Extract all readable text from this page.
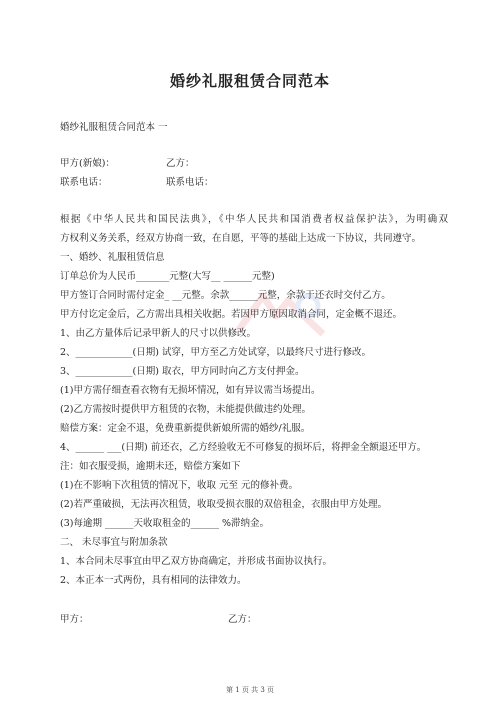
婚纱礼服租赁合同范本
婚纱礼服租赁合同范本 一
甲方(新娘)：	乙方：
联系电话：	联系电话：
根据《中华人民共和国民法典》，《中华人民共和国消费者权益保护法》，为明确双
方权利义务关系，经双方协商一致，在自愿，平等的基础上达成一下协议，共同遵守。
一、婚纱、礼服租赁信息
订单总价为人民币_______元整(大写__ ______元整)
甲方签订合同时需付定金_ __元整。余款______元整，余款于还衣时交付乙方。
甲方付讫定金后，乙方需出具相关收据。若因甲方原因取消合同，定金概不退还。
1、由乙方量体后记录甲新人的尺寸以供修改。
2、____________(日期) 试穿，甲方至乙方处试穿，以最终尺寸进行修改。
3、____________(日期) 取衣，甲方同时向乙方支付押金。
(1)甲方需仔细查看衣物有无损坏情况，如有异议需当场提出。
(2)乙方需按时提供甲方租赁的衣物，未能提供做违约处理。
赔偿方案：定金不退，免费重新提供新娘所需的婚纱/礼服。
4、______ ___(日期) 前还衣，乙方经验收无不可修复的损坏后，将押金全额退还甲方。
注：如衣服受损，逾期未还，赔偿方案如下
(1)在不影响下次租赁的情况下，收取 元至 元的修补费。
(2)若严重破损，无法再次租赁，收取受损衣服的双倍租金，衣服由甲方处理。
(3)每逾期 ______天收取租金的______ %滞纳金。
二、 未尽事宜与附加条款
1、本合同未尽事宜由甲乙双方协商确定，并形成书面协议执行。
2、本正本一式两份，具有相同的法律效力。
甲方：	乙方：
第 1 页 共 3 页
